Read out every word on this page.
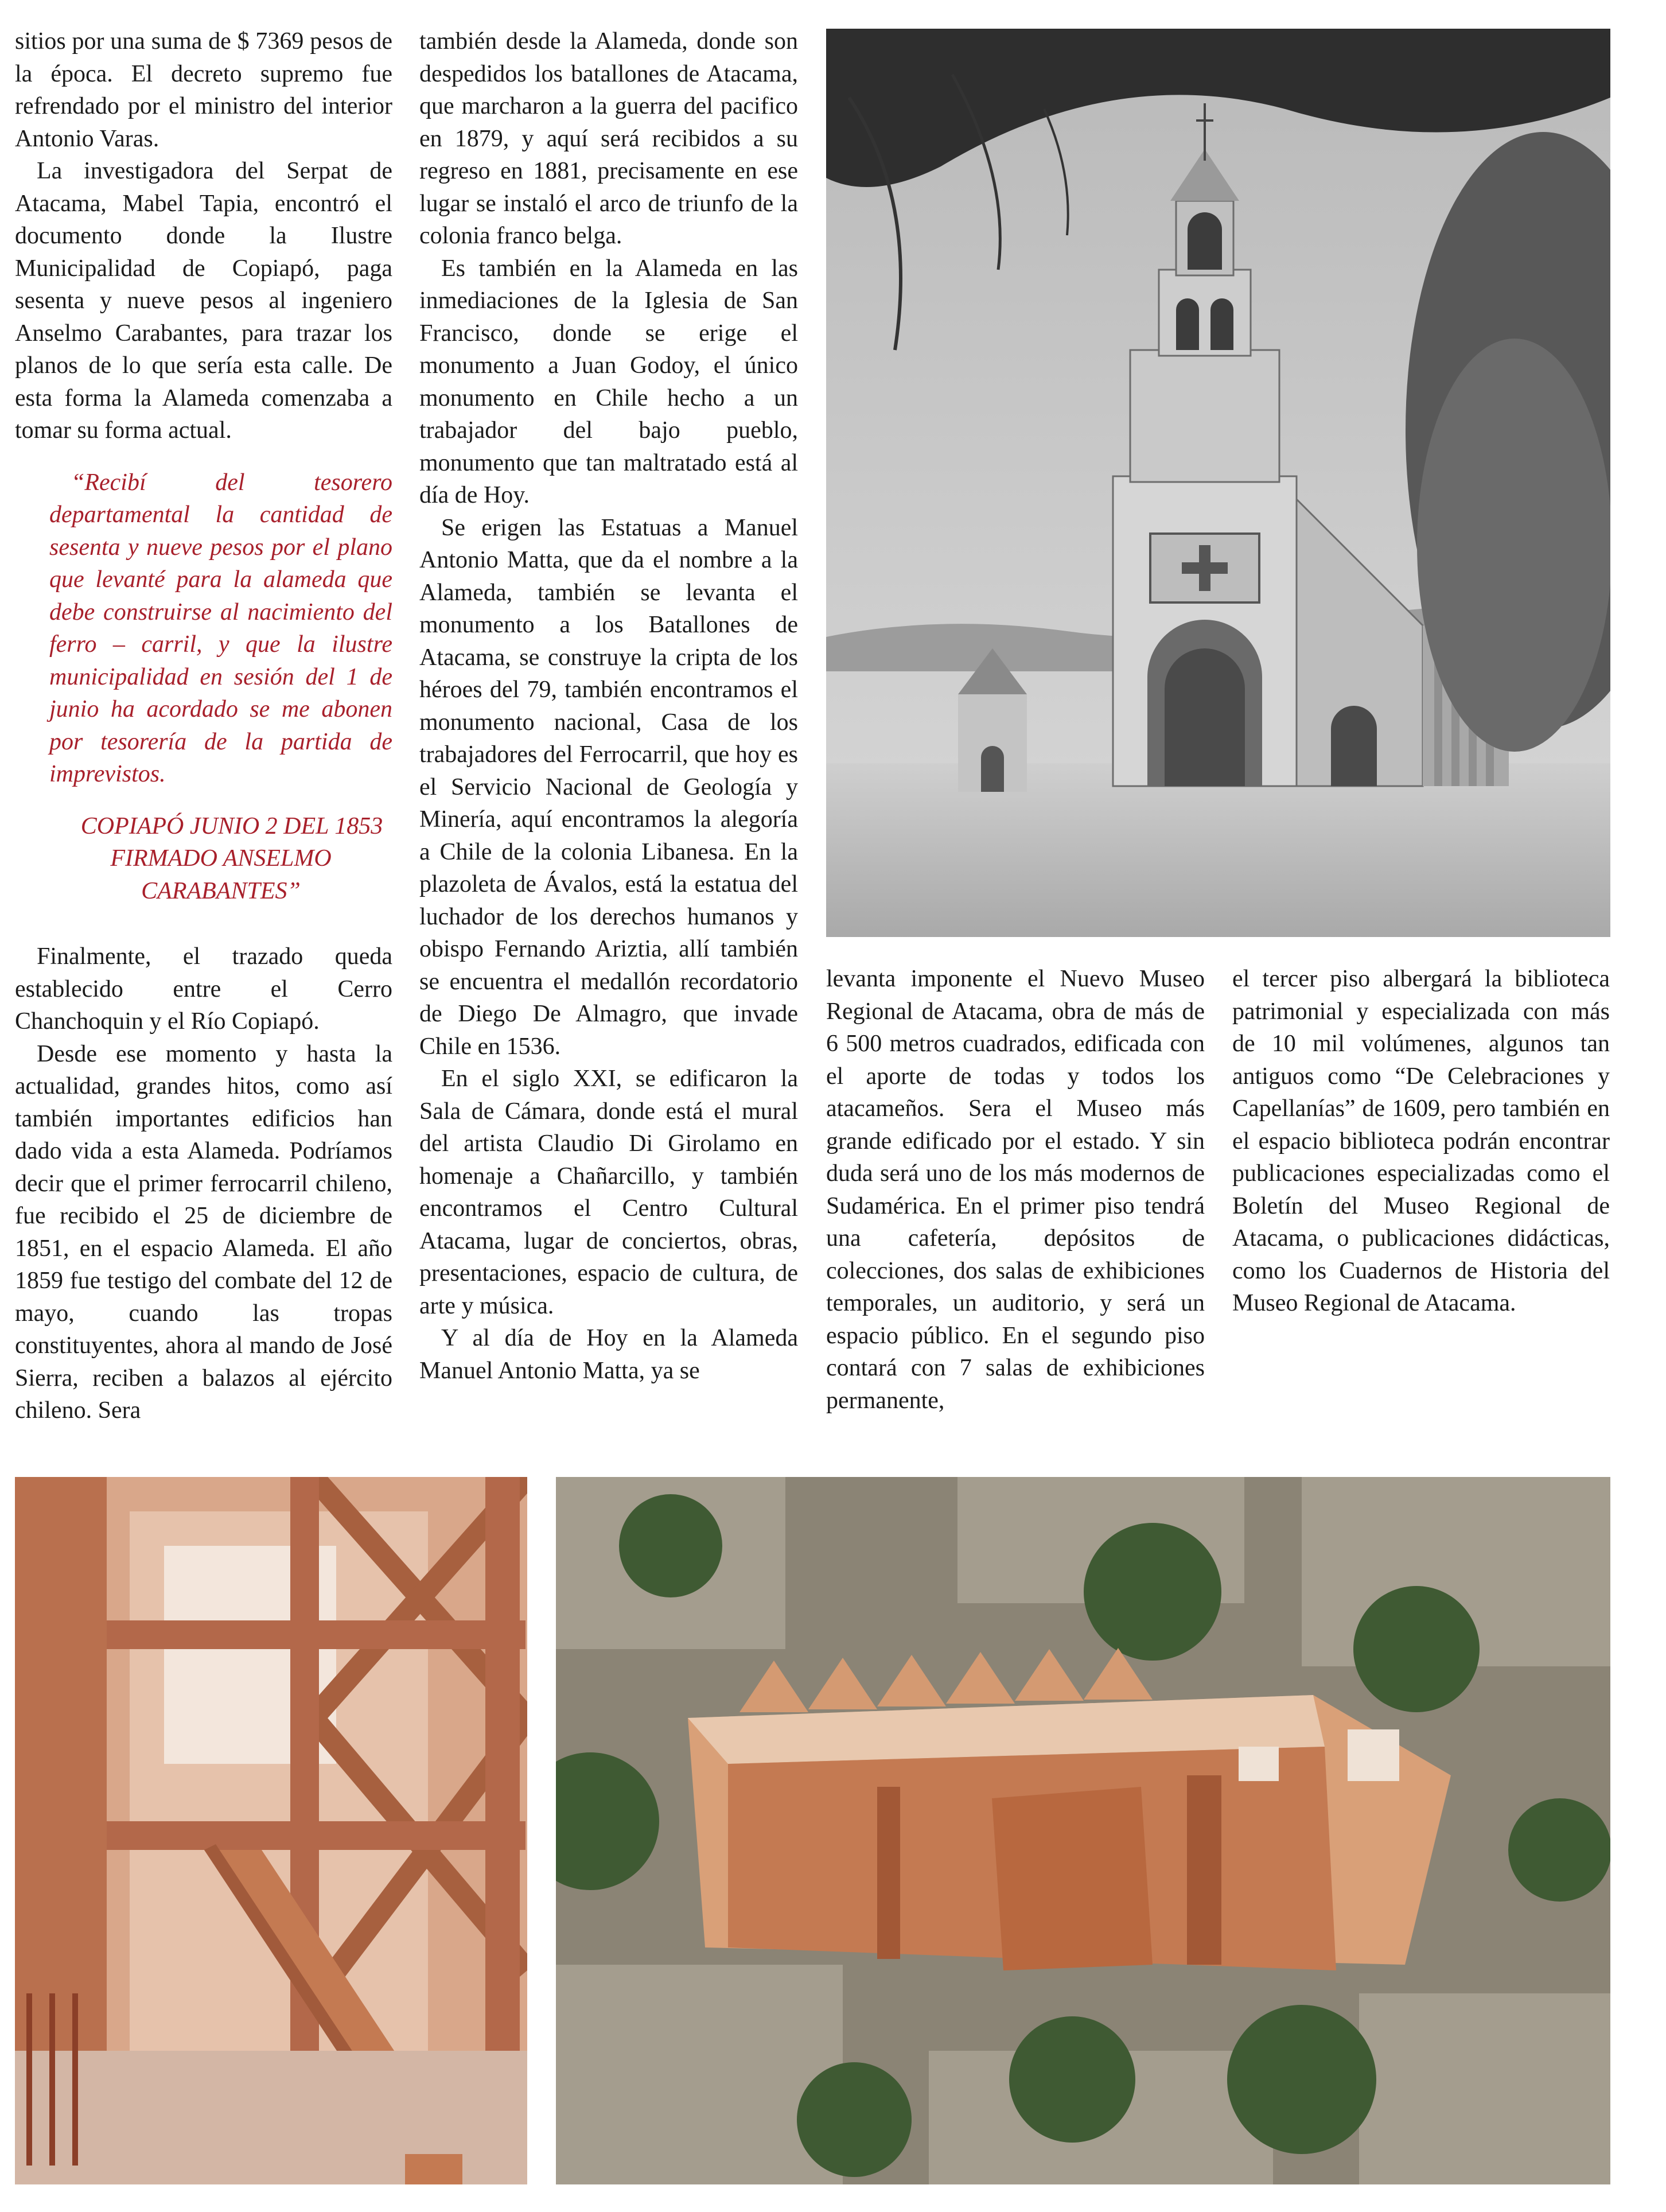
sitios por una suma de $ 7369 pesos de la época. El decreto supremo fue refrendado por el ministro del interior Antonio Varas.

La investigadora del Serpat de Atacama, Mabel Tapia, encontró el documento donde la Ilustre Municipalidad de Copiapó, paga sesenta y nueve pesos al ingeniero Anselmo Carabantes, para trazar los planos de lo que sería esta calle. De esta forma la Alameda comenzaba a tomar su forma actual.

“Recibí del tesorero departamental la cantidad de sesenta y nueve pesos por el plano que levanté para la alameda que debe construirse al nacimiento del ferro – carril, y que la ilustre municipalidad en sesión del 1 de junio ha acordado se me abonen por tesorería de la partida de imprevistos.

COPIAPÓ JUNIO 2 DEL 1853 FIRMADO ANSELMO CARABANTES”

Finalmente, el trazado queda establecido entre el Cerro Chanchoquin y el Río Copiapó.

Desde ese momento y hasta la actualidad, grandes hitos, como así también importantes edificios han dado vida a esta Alameda. Podríamos decir que el primer ferrocarril chileno, fue recibido el 25 de diciembre de 1851, en el espacio Alameda. El año 1859 fue testigo del combate del 12 de mayo, cuando las tropas constituyentes, ahora al mando de José Sierra, reciben a balazos al ejército chileno. Sera

también desde la Alameda, donde son despedidos los batallones de Atacama, que marcharon a la guerra del pacifico en 1879, y aquí será recibidos a su regreso en 1881, precisamente en ese lugar se instaló el arco de triunfo de la colonia franco belga.

Es también en la Alameda en las inmediaciones de la Iglesia de San Francisco, donde se erige el monumento a Juan Godoy, el único monumento en Chile hecho a un trabajador del bajo pueblo, monumento que tan maltratado está al día de Hoy.

Se erigen las Estatuas a Manuel Antonio Matta, que da el nombre a la Alameda, también se levanta el monumento a los Batallones de Atacama, se construye la cripta de los héroes del 79, también encontramos el monumento nacional, Casa de los trabajadores del Ferrocarril, que hoy es el Servicio Nacional de Geología y Minería, aquí encontramos la alegoría a Chile de la colonia Libanesa. En la plazoleta de Ávalos, está la estatua del luchador de los derechos humanos y obispo Fernando Ariztia, allí también se encuentra el medallón recordatorio de Diego De Almagro, que invade Chile en 1536.

En el siglo XXI, se edificaron la Sala de Cámara, donde está el mural del artista Claudio Di Girolamo en homenaje a Chañarcillo, y también encontramos el Centro Cultural Atacama, lugar de conciertos, obras, presentaciones, espacio de cultura, de arte y música.

Y al día de Hoy en la Alameda Manuel Antonio Matta, ya se

levanta imponente el Nuevo Museo Regional de Atacama, obra de más de 6 500 metros cuadrados, edificada con el aporte de todas y todos los atacameños. Sera el Museo más grande edificado por el estado. Y sin duda será uno de los más modernos de Sudamérica. En el primer piso tendrá una cafetería, depósitos de colecciones, dos salas de exhibiciones temporales, un auditorio, y será un espacio público. En el segundo piso contará con 7 salas de exhibiciones permanente,

el tercer piso albergará la biblioteca patrimonial y especializada con más de 10 mil volúmenes, algunos tan antiguos como “De Celebraciones y Capellanías” de 1609, pero también en el espacio biblioteca podrán encontrar publicaciones especializadas como el Boletín del Museo Regional de Atacama, o publicaciones didácticas, como los Cuadernos de Historia del Museo Regional de Atacama.
